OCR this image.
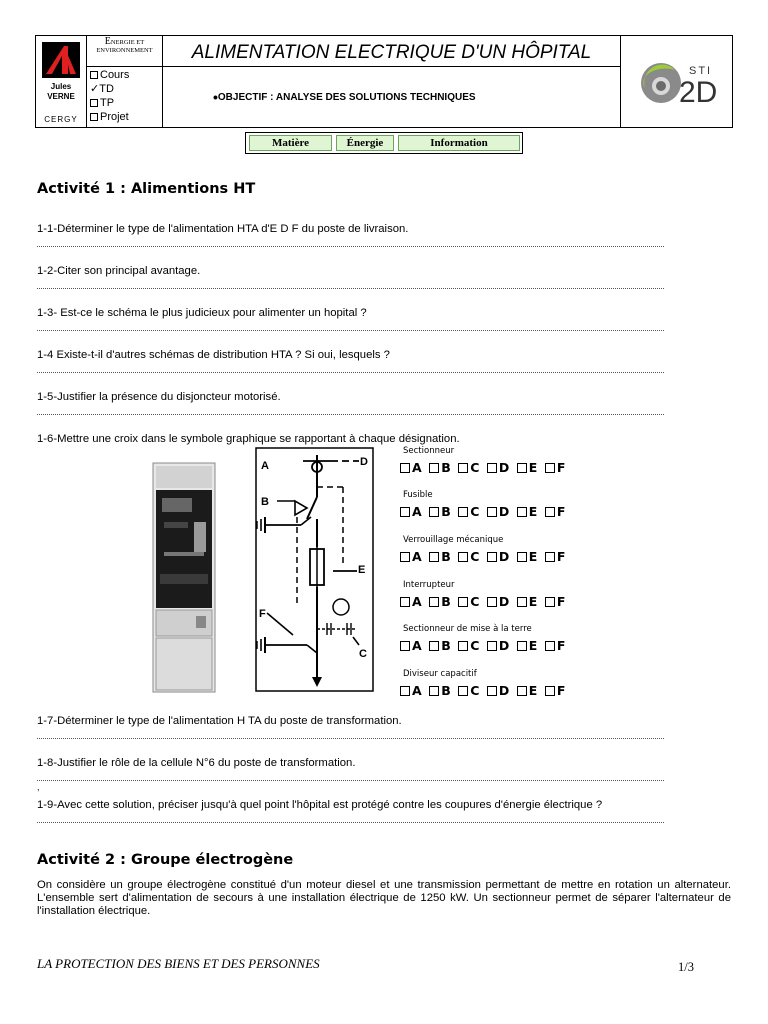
Jules
VERNE
CERGY
ENERGIE ET
ENVIRONNEMENT
Cours
✓TD
TP
Projet
ALIMENTATION ELECTRIQUE D'UN HÔPITAL
•OBJECTIF : ANALYSE DES SOLUTIONS TECHNIQUES
STI
2D
Matière	Énergie	Information
Activité 1 : Alimentions HT
1-1-Déterminer le type de l'alimentation HTA d'E D F du poste de livraison.
1-2-Citer son principal avantage.
1-3- Est-ce le schéma le plus judicieux pour alimenter un hopital ?
1-4 Existe-t-il d'autres schémas de distribution HTA ? Si oui, lesquels ?
1-5-Justifier la présence du disjoncteur motorisé.
1-6-Mettre une croix dans le symbole graphique se rapportant à chaque désignation.
A
B
C
D
E
F
Sectionneur
A B C D E F
Fusible
A B C D E F
Verrouillage mécanique
A B C D E F
Interrupteur
A B C D E F
Sectionneur de mise à la terre
A B C D E F
Diviseur capacitif
A B C D E F
1-7-Déterminer le type de l'alimentation H TA du poste de transformation.
1-8-Justifier le rôle de la cellule N°6 du poste de transformation.
,
1-9-Avec cette solution, préciser jusqu'à quel point l'hôpital est protégé contre les coupures d'énergie électrique ?
Activité 2 : Groupe électrogène
On considère un groupe électrogène constitué d'un moteur diesel et une transmission permettant de mettre en rotation un alternateur. L'ensemble sert d'alimentation de secours à une installation électrique de 1250 kW. Un sectionneur permet de séparer l'alternateur de l'installation électrique.
LA PROTECTION DES BIENS ET DES PERSONNES	1/3
